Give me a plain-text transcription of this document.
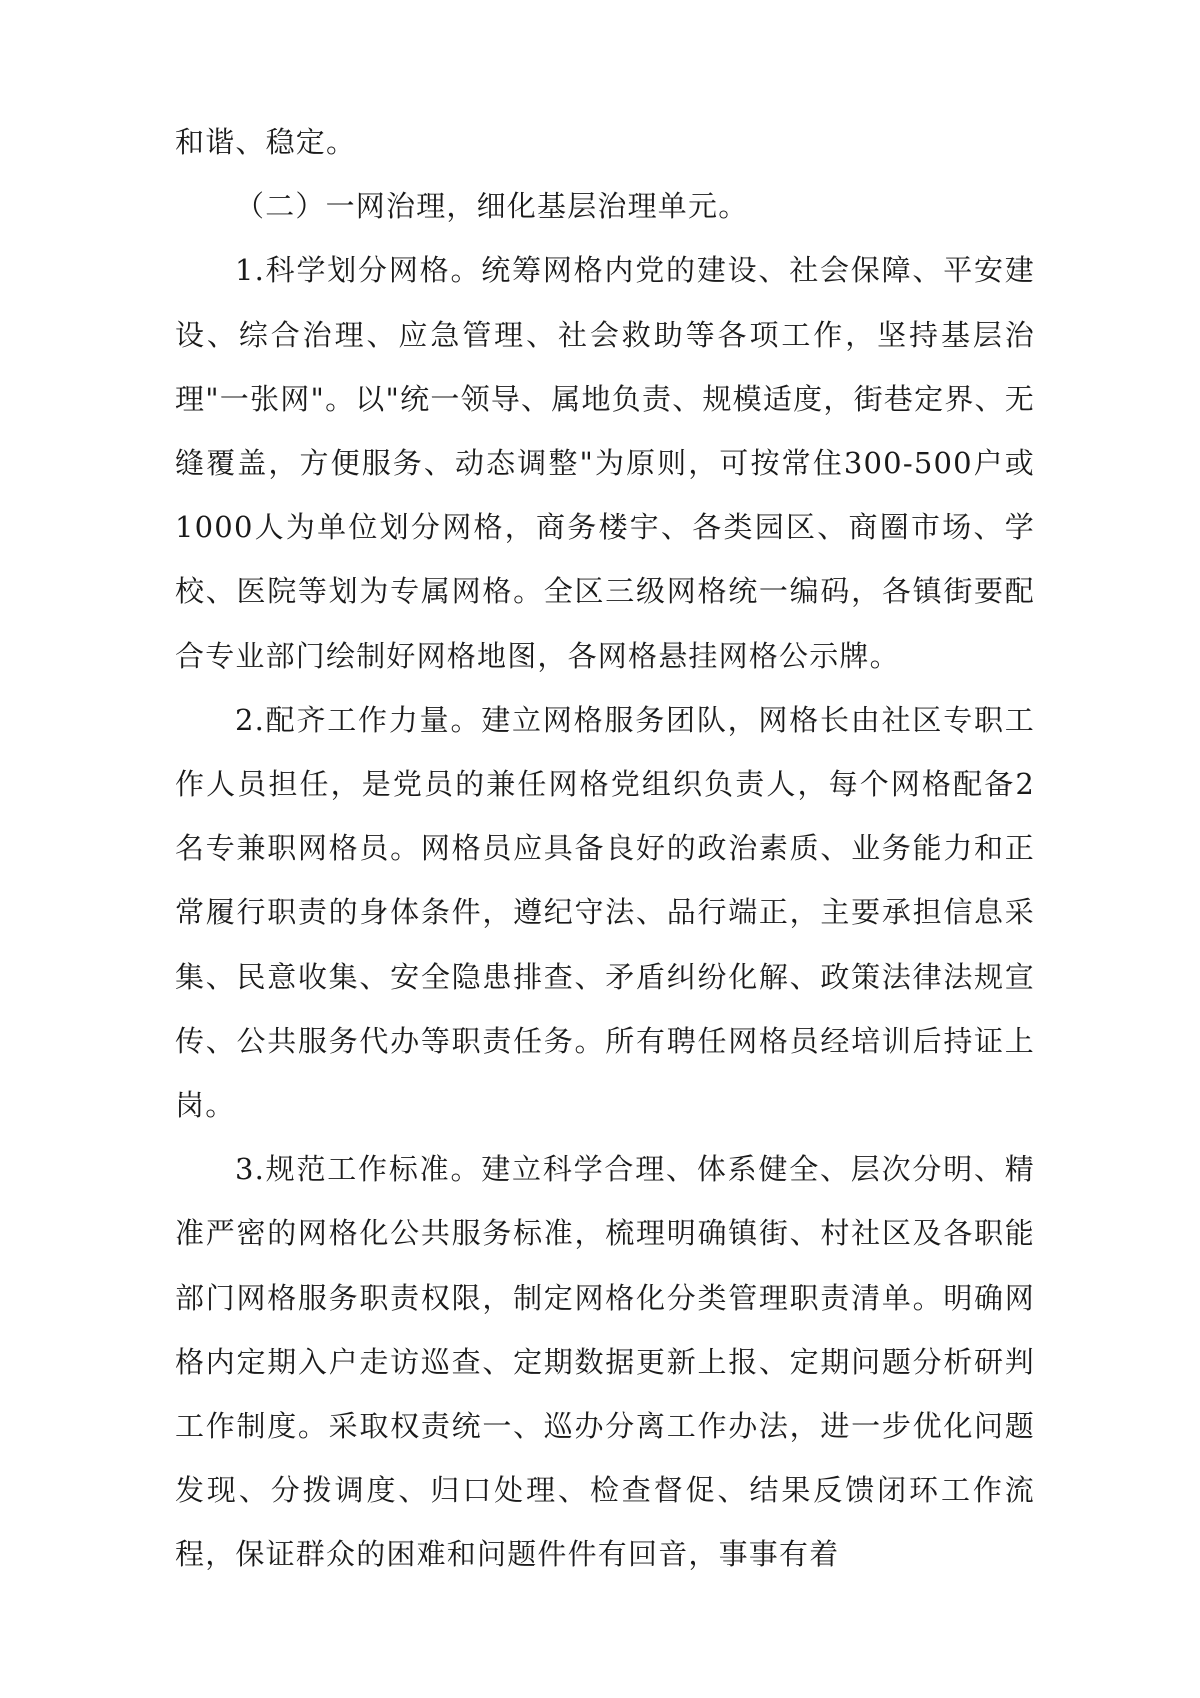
和谐、稳定。

（二）一网治理，细化基层治理单元。

1.科学划分网格。统筹网格内党的建设、社会保障、平安建设、综合治理、应急管理、社会救助等各项工作，坚持基层治理"一张网"。以"统一领导、属地负责、规模适度，街巷定界、无缝覆盖，方便服务、动态调整"为原则，可按常住300-500户或1000人为单位划分网格，商务楼宇、各类园区、商圈市场、学校、医院等划为专属网格。全区三级网格统一编码，各镇街要配合专业部门绘制好网格地图，各网格悬挂网格公示牌。

2.配齐工作力量。建立网格服务团队，网格长由社区专职工作人员担任，是党员的兼任网格党组织负责人，每个网格配备2名专兼职网格员。网格员应具备良好的政治素质、业务能力和正常履行职责的身体条件，遵纪守法、品行端正，主要承担信息采集、民意收集、安全隐患排查、矛盾纠纷化解、政策法律法规宣传、公共服务代办等职责任务。所有聘任网格员经培训后持证上岗。

3.规范工作标准。建立科学合理、体系健全、层次分明、精准严密的网格化公共服务标准，梳理明确镇街、村社区及各职能部门网格服务职责权限，制定网格化分类管理职责清单。明确网格内定期入户走访巡查、定期数据更新上报、定期问题分析研判工作制度。采取权责统一、巡办分离工作办法，进一步优化问题发现、分拨调度、归口处理、检查督促、结果反馈闭环工作流程，保证群众的困难和问题件件有回音，事事有着
